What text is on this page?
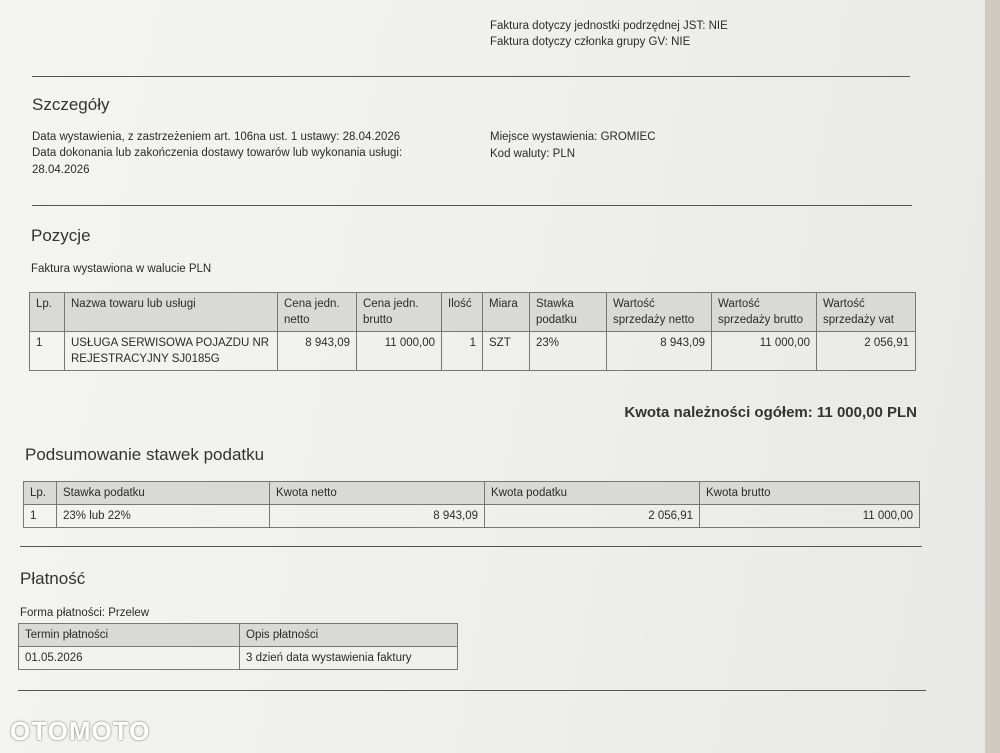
Faktura dotyczy jednostki podrzędnej JST: NIE
Faktura dotyczy członka grupy GV: NIE
Szczegóły
Data wystawienia, z zastrzeżeniem art. 106na ust. 1 ustawy: 28.04.2026
Data dokonania lub zakończenia dostawy towarów lub wykonania usługi:
28.04.2026
Miejsce wystawienia: GROMIEC
Kod waluty: PLN
Pozycje
Faktura wystawiona w walucie PLN
Lp.	Nazwa towaru lub usługi	Cena jedn. netto	Cena jedn. brutto	Ilość	Miara	Stawka podatku	Wartość sprzedaży netto	Wartość sprzedaży brutto	Wartość sprzedaży vat
1	USŁUGA SERWISOWA POJAZDU NR REJESTRACYJNY SJ0185G	8 943,09	11 000,00	1	SZT	23%	8 943,09	11 000,00	2 056,91
Kwota należności ogółem: 11 000,00 PLN
Podsumowanie stawek podatku
Lp.	Stawka podatku	Kwota netto	Kwota podatku	Kwota brutto
1	23% lub 22%	8 943,09	2 056,91	11 000,00
Płatność
Forma płatności: Przelew
Termin płatności	Opis płatności
01.05.2026	3 dzień data wystawienia faktury
OTOMOTO
